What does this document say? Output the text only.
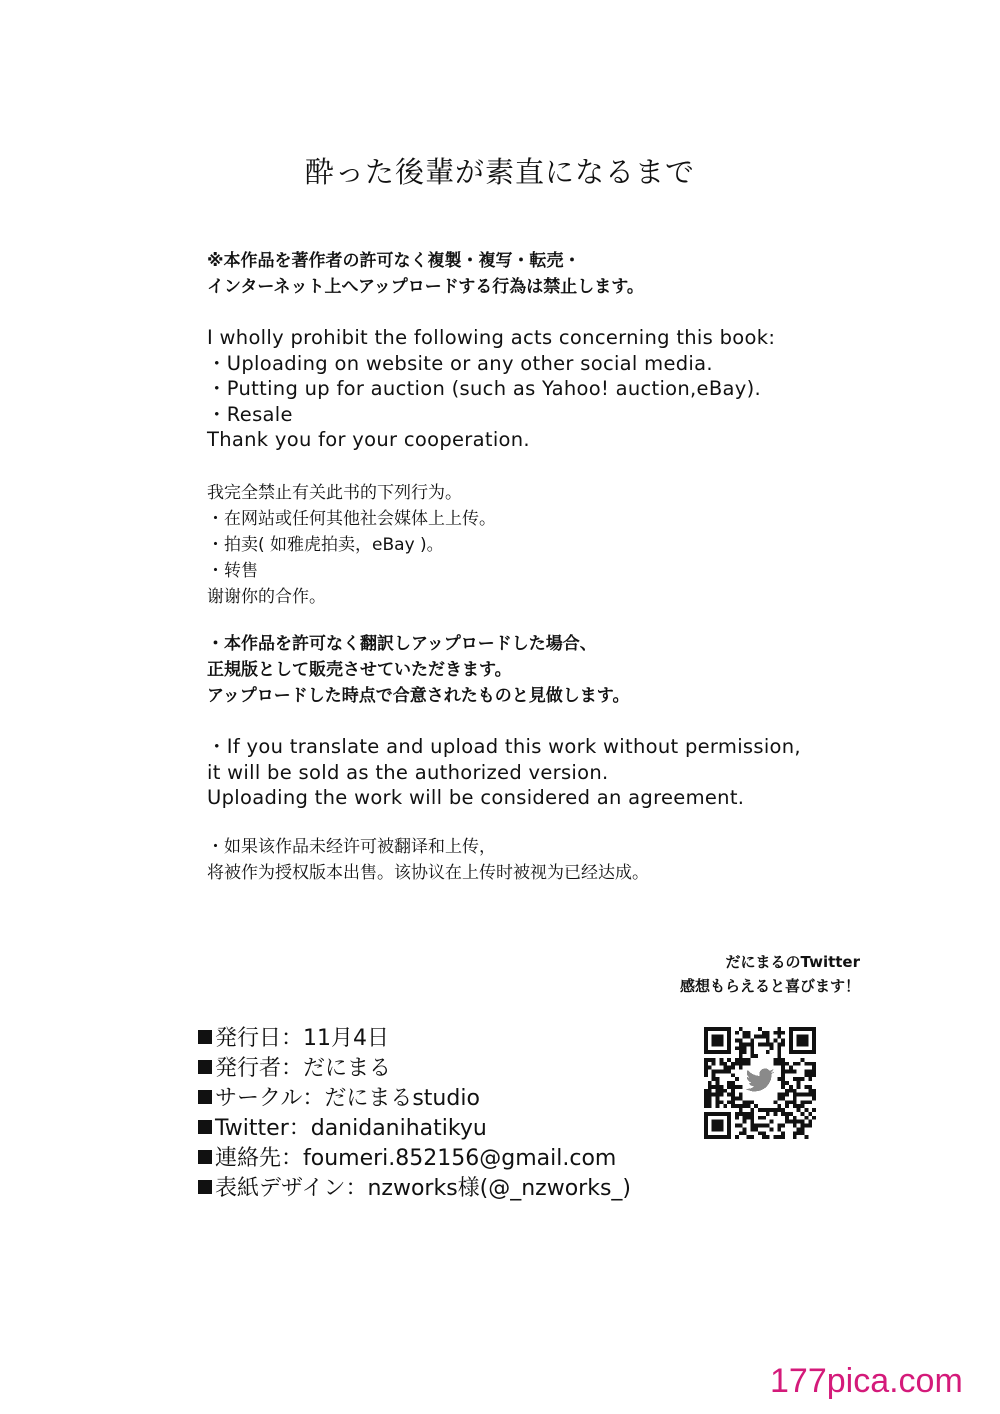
酔った後輩が素直になるまで
※本作品を著作者の許可なく複製・複写・転売・
インターネット上へアップロードする行為は禁止します。
I wholly prohibit the following acts concerning this book:
・Uploading on website or any other social media.
・Putting up for auction (such as Yahoo! auction,eBay).
・Resale
Thank you for your cooperation.
我完全禁止有关此书的下列行为。
・在网站或任何其他社会媒体上上传。
・拍卖( 如雅虎拍卖，eBay )。
・转售
谢谢你的合作。
・本作品を許可なく翻訳しアップロードした場合、
正規版として販売させていただきます。
アップロードした時点で合意されたものと見做します。
・If you translate and upload this work without permission,
it will be sold as the authorized version.
Uploading the work will be considered an agreement.
・如果该作品未经许可被翻译和上传，
将被作为授权版本出售。该协议在上传时被视为已经达成。
だにまるのTwitter
感想もらえると喜びます！
発行日：11月4日
発行者：だにまる
サークル：だにまるstudio
Twitter：danidanihatikyu
連絡先：foumeri.852156@gmail.com
表紙デザイン：nzworks様(@_nzworks_)
177pica.com
